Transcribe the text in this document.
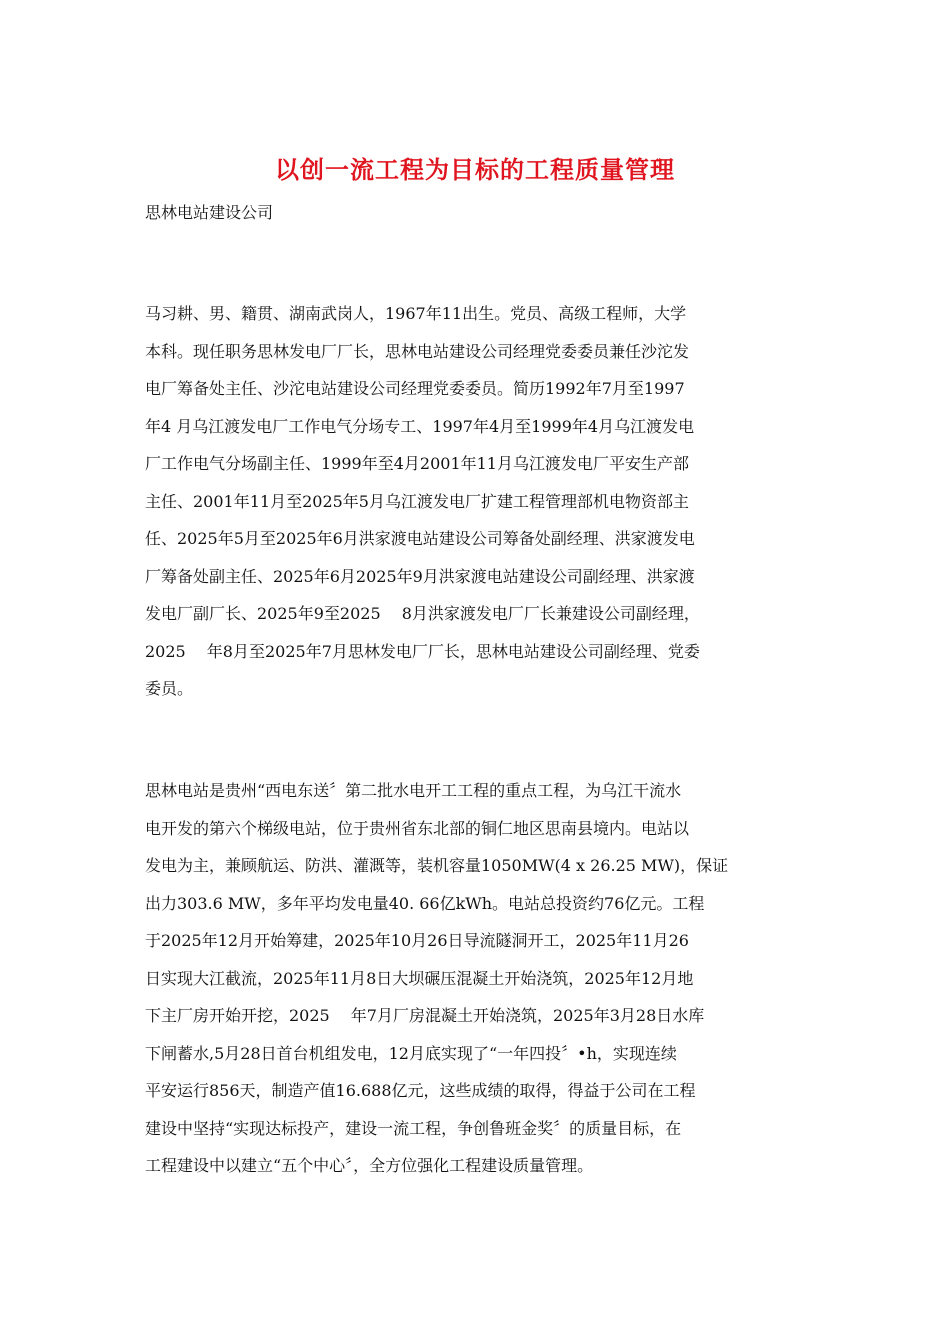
以创一流工程为目标的工程质量管理
思林电站建设公司
马习耕、男、籍贯、湖南武岗人，1967年11出生。党员、高级工程师，大学
本科。现任职务思林发电厂厂长，思林电站建设公司经理党委委员兼任沙沱发
电厂筹备处主任、沙沱电站建设公司经理党委委员。简历1992年7月至1997
年4 月乌江渡发电厂工作电气分场专工、1997年4月至1999年4月乌江渡发电
厂工作电气分场副主任、1999年至4月2001年11月乌江渡发电厂平安生产部
主任、2001年11月至2025年5月乌江渡发电厂扩建工程管理部机电物资部主
任、2025年5月至2025年6月洪家渡电站建设公司筹备处副经理、洪家渡发电
厂筹备处副主任、2025年6月2025年9月洪家渡电站建设公司副经理、洪家渡
发电厂副厂长、2025年9至2025　 8月洪家渡发电厂厂长兼建设公司副经理，
2025　 年8月至2025年7月思林发电厂厂长，思林电站建设公司副经理、党委
委员。
思林电站是贵州“西电东送〞第二批水电开工工程的重点工程，为乌江干流水
电开发的第六个梯级电站，位于贵州省东北部的铜仁地区思南县境内。电站以
发电为主，兼顾航运、防洪、灌溉等，装机容量1050MW(4 x 26.25 MW)，保证
出力303.6 MW，多年平均发电量40. 66亿kWh。电站总投资约76亿元。工程
于2025年12月开始筹建，2025年10月26日导流隧洞开工，2025年11月26
日实现大江截流，2025年11月8日大坝碾压混凝土开始浇筑，2025年12月地
下主厂房开始开挖，2025　 年7月厂房混凝土开始浇筑，2025年3月28日水库
下闸蓄水,5月28日首台机组发电，12月底实现了“一年四投〞•h，实现连续
平安运行856天，制造产值16.688亿元，这些成绩的取得，得益于公司在工程
建设中坚持“实现达标投产，建设一流工程，争创鲁班金奖〞的质量目标，在
工程建设中以建立“五个中心〞，全方位强化工程建设质量管理。
